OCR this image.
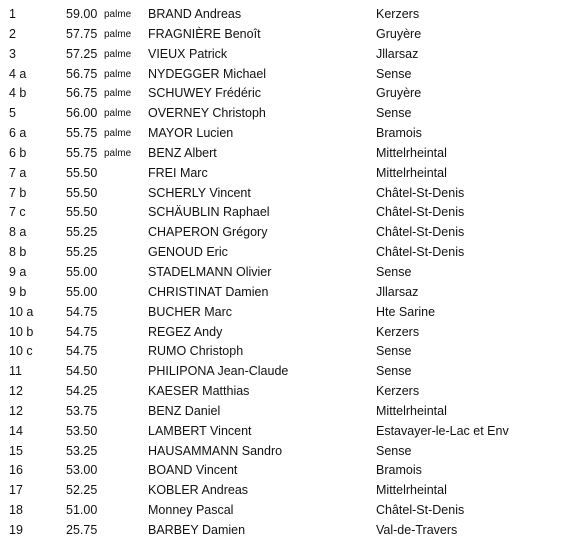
1	59.00 palme BRAND Andreas	Kerzers
2	57.75 palme FRAGNIÈRE Benoît	Gruyère
3	57.25 palme VIEUX Patrick	Jllarsaz
4 a	56.75 palme NYDEGGER Michael	Sense
4 b	56.75 palme SCHUWEY Frédéric	Gruyère
5	56.00 palme OVERNEY Christoph	Sense
6 a	55.75 palme MAYOR Lucien	Bramois
6 b	55.75 palme BENZ Albert	Mittelrheintal
7 a	55.50	FREI Marc	Mittelrheintal
7 b	55.50	SCHERLY Vincent	Châtel-St-Denis
7 c	55.50	SCHÄUBLIN Raphael	Châtel-St-Denis
8 a	55.25	CHAPERON Grégory	Châtel-St-Denis
8 b	55.25	GENOUD Eric	Châtel-St-Denis
9 a	55.00	STADELMANN Olivier	Sense
9 b	55.00	CHRISTINAT Damien	Jllarsaz
10 a	54.75	BUCHER Marc	Hte Sarine
10 b	54.75	REGEZ Andy	Kerzers
10 c	54.75	RUMO Christoph	Sense
11	54.50	PHILIPONA Jean-Claude	Sense
12	54.25	KAESER Matthias	Kerzers
12	53.75	BENZ Daniel	Mittelrheintal
14	53.50	LAMBERT Vincent	Estavayer-le-Lac et Env
15	53.25	HAUSAMMANN Sandro	Sense
16	53.00	BOAND Vincent	Bramois
17	52.25	KOBLER Andreas	Mittelrheintal
18	51.00	Monney Pascal	Châtel-St-Denis
19	25.75	BARBEY Damien	Val-de-Travers
